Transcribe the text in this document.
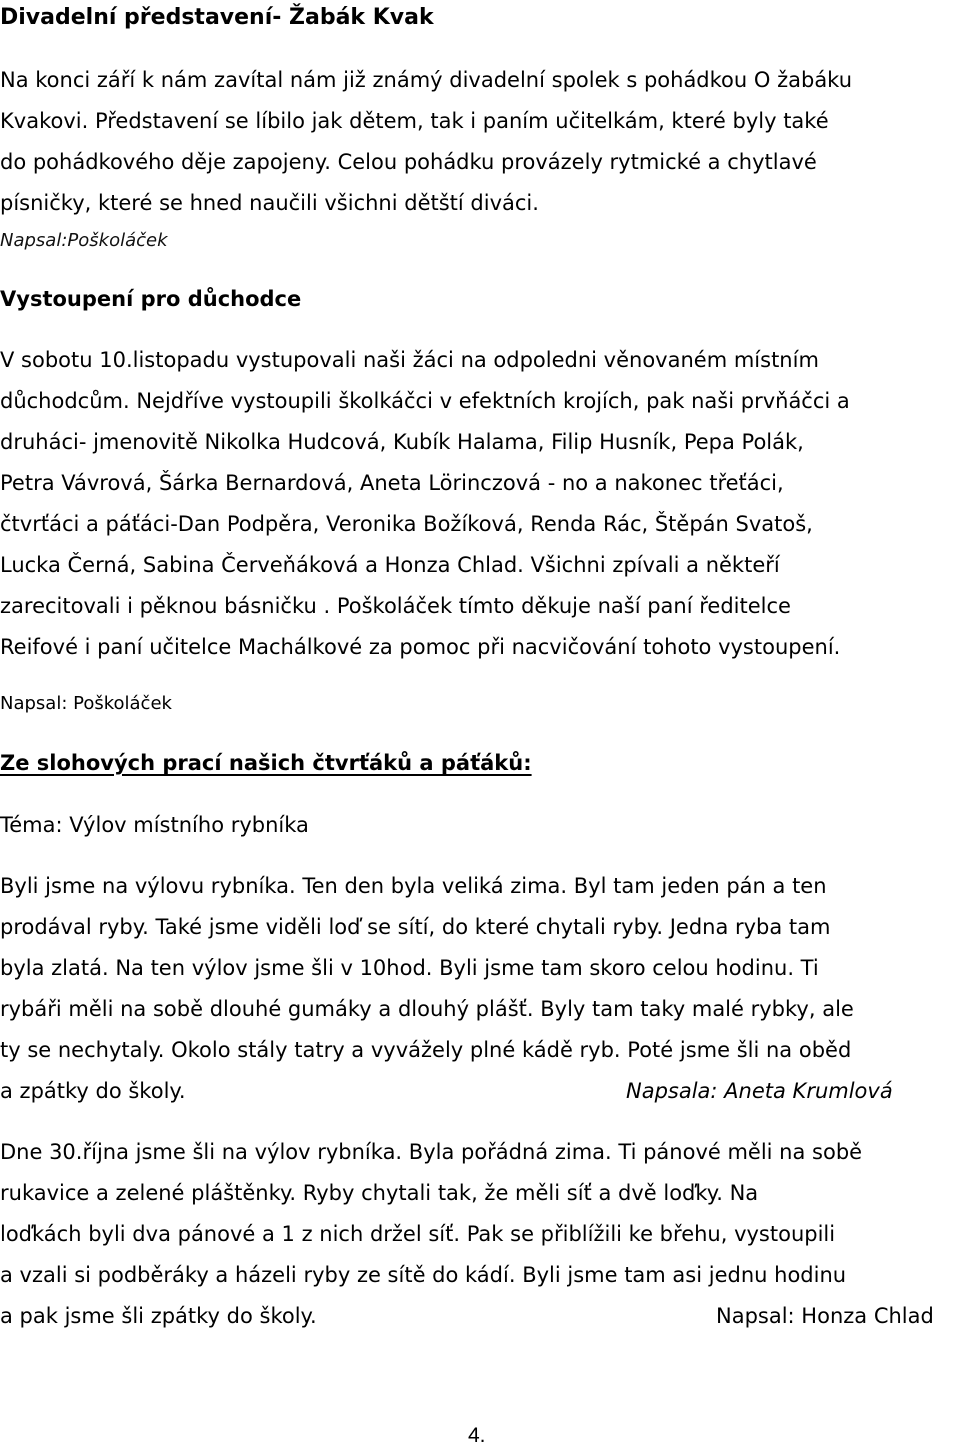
Divadelní představení- Žabák Kvak

Na konci září k nám zavítal nám již známý divadelní spolek s pohádkou O žabáku
Kvakovi. Představení se líbilo jak dětem, tak i paním učitelkám, které byly také
do pohádkového děje zapojeny. Celou pohádku provázely rytmické a chytlavé
písničky, které se hned naučili všichni dětští diváci.

Napsal:Poškoláček
Vystoupení pro důchodce

V sobotu 10.listopadu vystupovali naši žáci na odpoledni věnovaném místním
důchodcům. Nejdříve vystoupili školkáčci v efektních krojích, pak naši prvňáčci a
druháci- jmenovitě Nikolka Hudcová, Kubík Halama, Filip Husník, Pepa Polák,
Petra Vávrová, Šárka Bernardová, Aneta Lörinczová - no a nakonec třeťáci,
čtvrťáci a páťáci-Dan Podpěra, Veronika Božíková, Renda Rác, Štěpán Svatoš,
Lucka Černá, Sabina Červeňáková a Honza Chlad. Všichni zpívali a někteří
zarecitovali i pěknou básničku . Poškoláček tímto děkuje naší paní ředitelce
Reifové i paní učitelce Machálkové za pomoc při nacvičování tohoto vystoupení.

Napsal: Poškoláček
Ze slohových prací našich čtvrťáků a páťáků:
Téma: Výlov místního rybníka

Byli jsme na výlovu rybníka. Ten den byla veliká zima. Byl tam jeden pán a ten
prodával ryby. Také jsme viděli loď se sítí, do které chytali ryby. Jedna ryba tam
byla zlatá. Na ten výlov jsme šli v 10hod. Byli jsme tam skoro celou hodinu. Ti
rybáři měli na sobě dlouhé gumáky a dlouhý plášť. Byly tam taky malé rybky, ale
ty se nechytaly. Okolo stály tatry a vyvážely plné kádě ryb. Poté jsme šli na oběd

a zpátky do školy.	Napsala: Aneta Krumlová

Dne 30.října jsme šli na výlov rybníka. Byla pořádná zima. Ti pánové měli na sobě
rukavice a zelené pláštěnky. Ryby chytali tak, že měli síť a dvě loďky. Na
loďkách byli dva pánové a 1 z nich držel síť. Pak se přiblížili ke břehu, vystoupili
a vzali si podběráky a házeli ryby ze sítě do kádí. Byli jsme tam asi jednu hodinu

a pak jsme šli zpátky do školy.	Napsal: Honza Chlad
4.
